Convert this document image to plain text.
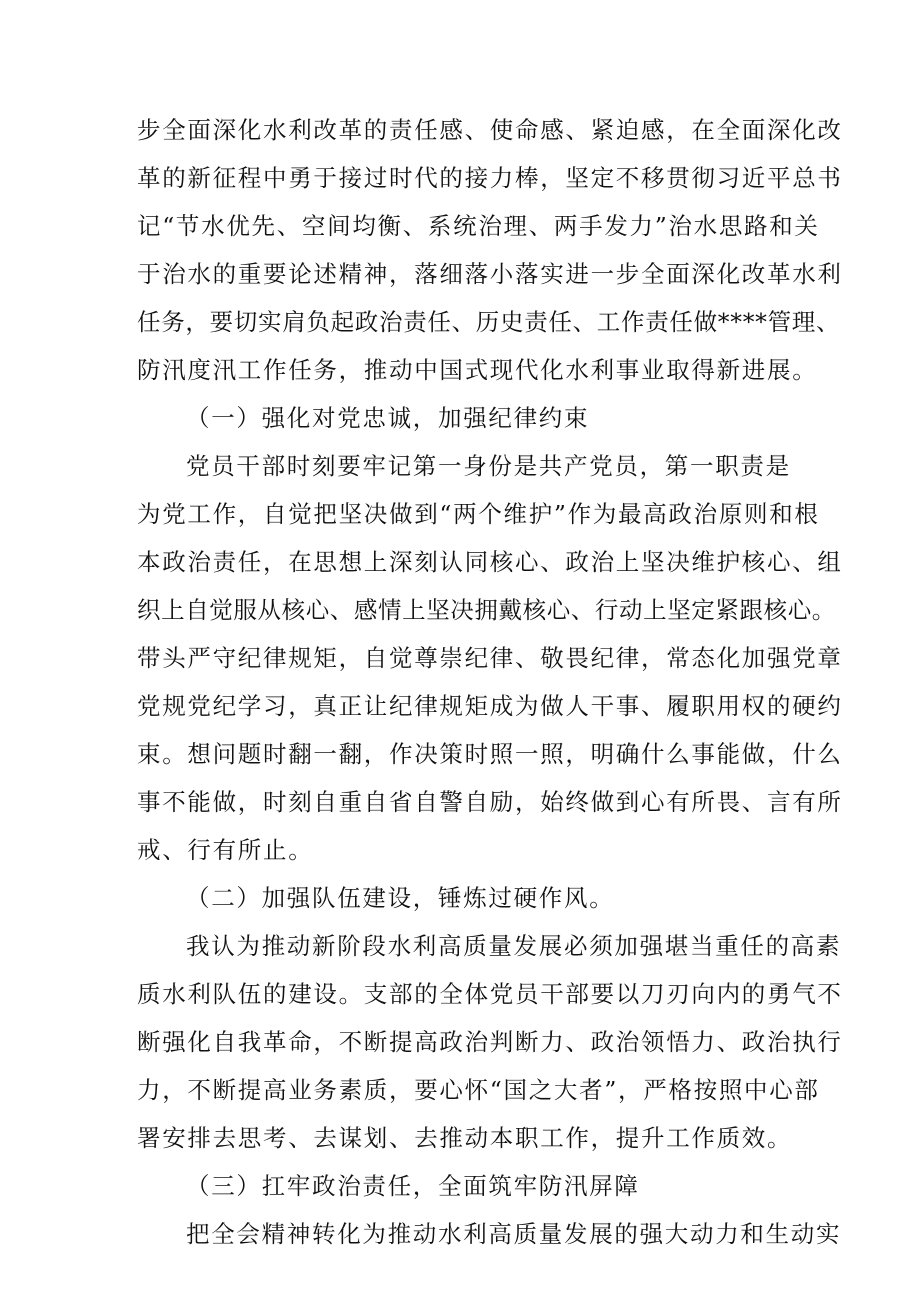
步全面深化水利改革的责任感、使命感、紧迫感，在全面深化改
革的新征程中勇于接过时代的接力棒，坚定不移贯彻习近平总书
记“节水优先、空间均衡、系统治理、两手发力”治水思路和关
于治水的重要论述精神，落细落小落实进一步全面深化改革水利
任务，要切实肩负起政治责任、历史责任、工作责任做****管理、
防汛度汛工作任务，推动中国式现代化水利事业取得新进展。
（一）强化对党忠诚，加强纪律约束
党员干部时刻要牢记第一身份是共产党员，第一职责是
为党工作，自觉把坚决做到“两个维护”作为最高政治原则和根
本政治责任，在思想上深刻认同核心、政治上坚决维护核心、组
织上自觉服从核心、感情上坚决拥戴核心、行动上坚定紧跟核心。
带头严守纪律规矩，自觉尊崇纪律、敬畏纪律，常态化加强党章
党规党纪学习，真正让纪律规矩成为做人干事、履职用权的硬约
束。想问题时翻一翻，作决策时照一照，明确什么事能做，什么
事不能做，时刻自重自省自警自励，始终做到心有所畏、言有所
戒、行有所止。
（二）加强队伍建设，锤炼过硬作风。
我认为推动新阶段水利高质量发展必须加强堪当重任的高素
质水利队伍的建设。支部的全体党员干部要以刀刃向内的勇气不
断强化自我革命，不断提高政治判断力、政治领悟力、政治执行
力，不断提高业务素质，要心怀“国之大者”，严格按照中心部
署安排去思考、去谋划、去推动本职工作，提升工作质效。
（三）扛牢政治责任，全面筑牢防汛屏障
把全会精神转化为推动水利高质量发展的强大动力和生动实
